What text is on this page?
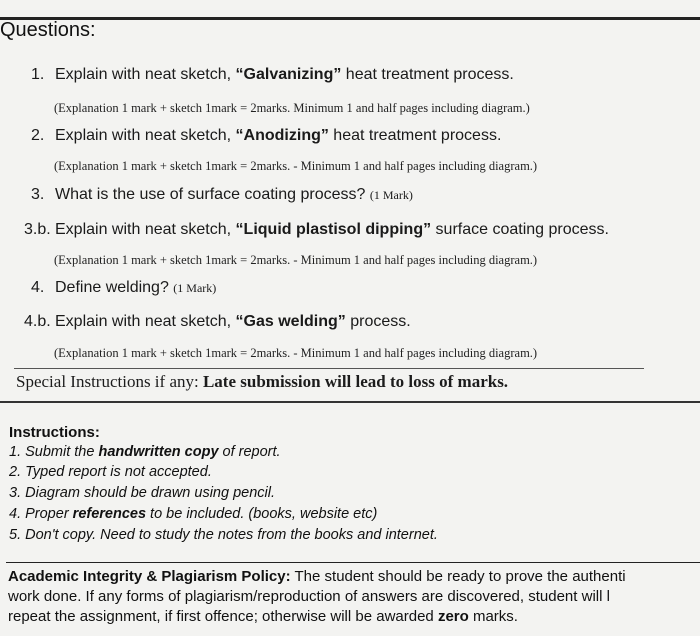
Questions:
1. Explain with neat sketch, “Galvanizing” heat treatment process.
(Explanation 1 mark + sketch 1mark = 2marks. Minimum 1 and half pages including diagram.)
2. Explain with neat sketch, “Anodizing” heat treatment process.
(Explanation 1 mark + sketch 1mark = 2marks. - Minimum 1 and half pages including diagram.)
3. What is the use of surface coating process? (1 Mark)
3.b. Explain with neat sketch, “Liquid plastisol dipping” surface coating process.
(Explanation 1 mark + sketch 1mark = 2marks. - Minimum 1 and half pages including diagram.)
4. Define welding? (1 Mark)
4.b. Explain with neat sketch, “Gas welding” process.
(Explanation 1 mark + sketch 1mark = 2marks. - Minimum 1 and half pages including diagram.)
Special Instructions if any: Late submission will lead to loss of marks.
Instructions:
1. Submit the handwritten copy of report.
2. Typed report is not accepted.
3. Diagram should be drawn using pencil.
4. Proper references to be included. (books, website etc)
5. Don't copy. Need to study the notes from the books and internet.
Academic Integrity & Plagiarism Policy: The student should be ready to prove the authenti
work done. If any forms of plagiarism/reproduction of answers are discovered, student will l
repeat the assignment, if first offence; otherwise will be awarded zero marks.
